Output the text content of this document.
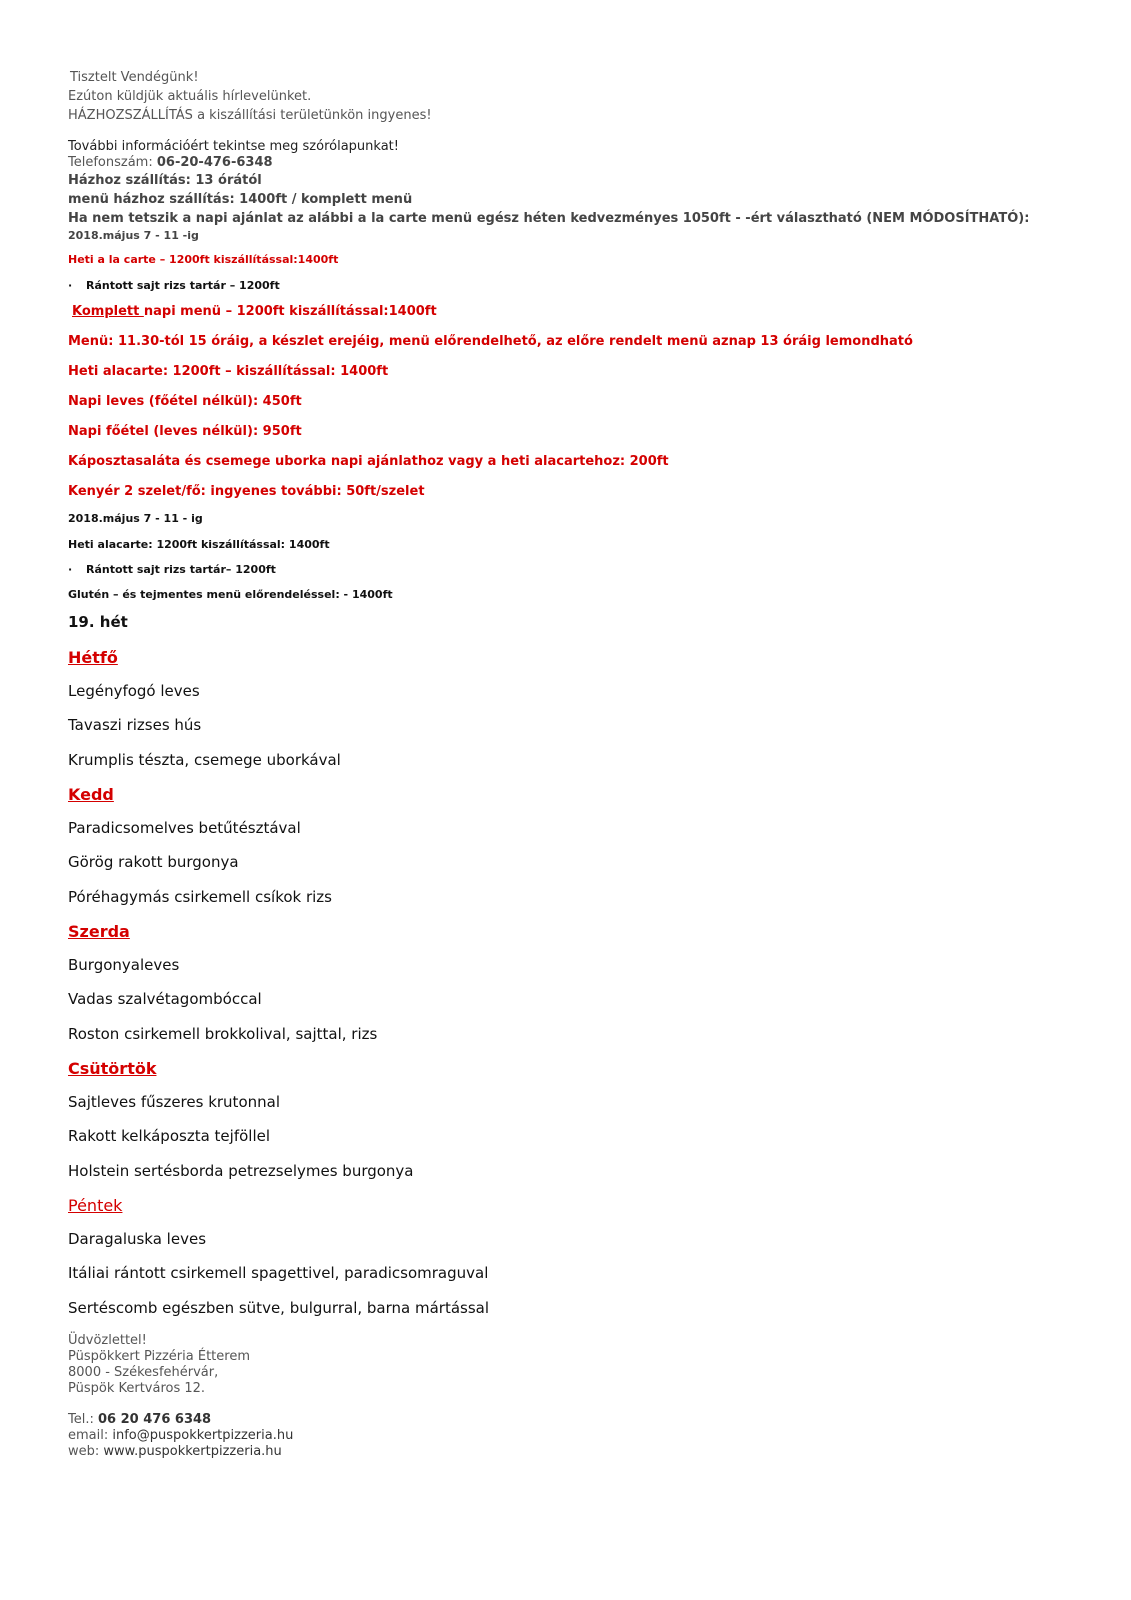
Tisztelt Vendégünk!
Ezúton küldjük aktuális hírlevelünket.
HÁZHOZSZÁLLÍTÁS a kiszállítási területünkön ingyenes!
További információért tekintse meg szórólapunkat!
Telefonszám: 06-20-476-6348
Házhoz szállítás: 13 órától
menü házhoz szállítás: 1400ft / komplett menü
Ha nem tetszik a napi ajánlat az alábbi a la carte menü egész héten kedvezményes 1050ft - -ért választható (NEM MÓDOSÍTHATÓ):
2018.május 7 - 11 -ig
Heti a la carte – 1200ft kiszállítással:1400ft
· Rántott sajt rizs tartár – 1200ft
Komplett napi menü – 1200ft kiszállítással:1400ft
Menü: 11.30-tól 15 óráig, a készlet erejéig, menü előrendelhető, az előre rendelt menü aznap 13 óráig lemondható
Heti alacarte: 1200ft – kiszállítással: 1400ft
Napi leves (főétel nélkül): 450ft
Napi főétel (leves nélkül): 950ft
Káposztasaláta és csemege uborka napi ajánlathoz vagy a heti alacartehoz: 200ft
Kenyér 2 szelet/fő: ingyenes további: 50ft/szelet
2018.május 7 - 11 - ig
Heti alacarte: 1200ft kiszállítással: 1400ft
· Rántott sajt rizs tartár– 1200ft
Glutén – és tejmentes menü előrendeléssel: - 1400ft
19. hét
Hétfő
Legényfogó leves
Tavaszi rizses hús
Krumplis tészta, csemege uborkával
Kedd
Paradicsomelves betűtésztával
Görög rakott burgonya
Póréhagymás csirkemell csíkok rizs
Szerda
Burgonyaleves
Vadas szalvétagombóccal
Roston csirkemell brokkolival, sajttal, rizs
Csütörtök
Sajtleves fűszeres krutonnal
Rakott kelkáposzta tejföllel
Holstein sertésborda petrezselymes burgonya
Péntek
Daragaluska leves
Itáliai rántott csirkemell spagettivel, paradicsomraguval
Sertéscomb egészben sütve, bulgurral, barna mártással
Üdvözlettel!
Püspökkert Pizzéria Étterem
8000 - Székesfehérvár,
Püspök Kertváros 12.
Tel.: 06 20 476 6348
email: info@puspokkertpizzeria.hu
web: www.puspokkertpizzeria.hu
